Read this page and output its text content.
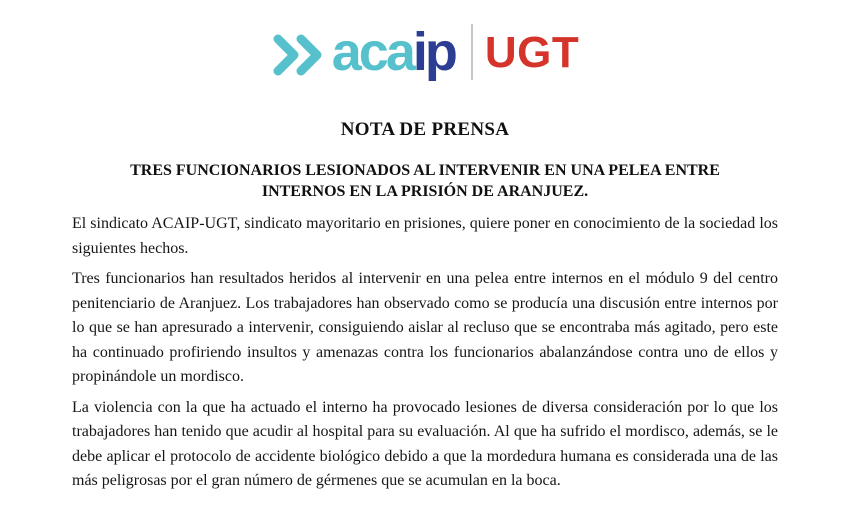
acaip UGT
NOTA DE PRENSA
TRES FUNCIONARIOS LESIONADOS AL INTERVENIR EN UNA PELEA ENTRE
INTERNOS EN LA PRISIÓN DE ARANJUEZ.

El sindicato ACAIP-UGT, sindicato mayoritario en prisiones, quiere poner en conocimiento de la sociedad los siguientes hechos.

Tres funcionarios han resultados heridos al intervenir en una pelea entre internos en el módulo 9 del centro penitenciario de Aranjuez. Los trabajadores han observado como se producía una discusión entre internos por lo que se han apresurado a intervenir, consiguiendo aislar al recluso que se encontraba más agitado, pero este ha continuado profiriendo insultos y amenazas contra los funcionarios abalanzándose contra uno de ellos y propinándole un mordisco.

La violencia con la que ha actuado el interno ha provocado lesiones de diversa consideración por lo que los trabajadores han tenido que acudir al hospital para su evaluación. Al que ha sufrido el mordisco, además, se le debe aplicar el protocolo de accidente biológico debido a que la mordedura humana es considerada una de las más peligrosas por el gran número de gérmenes que se acumulan en la boca.
